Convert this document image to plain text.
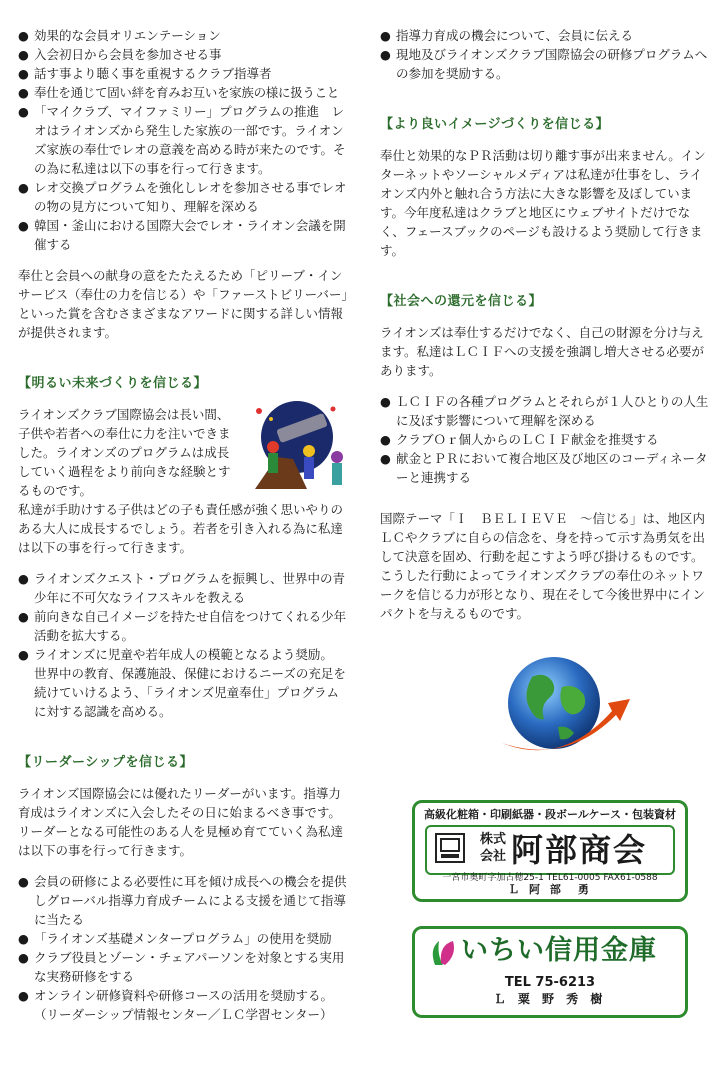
● 効果的な会員オリエンテーション
● 入会初日から会員を参加させる事
● 話す事より聴く事を重視するクラブ指導者
● 奉仕を通じて固い絆を育みお互いを家族の様に扱うこと
● 「マイクラブ、マイファミリー」プログラムの推進　レオはライオンズから発生した家族の一部です。ライオンズ家族の奉仕でレオの意義を高める時が来たのです。その為に私達は以下の事を行って行きます。
● レオ交換プログラムを強化しレオを参加させる事でレオの物の見方について知り、理解を深める
● 韓国・釜山における国際大会でレオ・ライオン会議を開催する

奉仕と会員への献身の意をたたえるため「ピリーブ・インサービス（奉仕の力を信じる）や「ファーストビリーバー」といった賞を含むさまざまなアワードに関する詳しい情報が提供されます。

【明るい未来づくりを信じる】

ライオンズクラブ国際協会は長い間、子供や若者への奉仕に力を注いできました。ライオンズのプログラムは成長していく過程をより前向きな経験とするものです。

私達が手助けする子供はどの子も責任感が強く思いやりのある大人に成長するでしょう。若者を引き入れる為に私達は以下の事を行って行きます。

● ライオンズクエスト・プログラムを振興し、世界中の青少年に不可欠なライフスキルを教える
● 前向きな自己イメージを持たせ自信をつけてくれる少年活動を拡大する。
● ライオンズに児童や若年成人の模範となるよう奨励。　世界中の教育、保護施設、保健におけるニーズの充足を続けていけるよう、「ライオンズ児童奉仕」プログラムに対する認識を高める。

【リーダーシップを信じる】

ライオンズ国際協会には優れたリーダーがいます。指導力育成はライオンズに入会したその日に始まるべき事です。リーダーとなる可能性のある人を見極め育てていく為私達は以下の事を行って行きます。

● 会員の研修による必要性に耳を傾け成長への機会を提供しグローバル指導力育成チームによる支援を通じて指導に当たる
● 「ライオンズ基礎メンタープログラム」の使用を奨励
● クラブ役員とゾーン・チェアパーソンを対象とする実用な実務研修をする
● オンライン研修資料や研修コースの活用を奨励する。（リーダーシップ情報センター／ＬＣ学習センター）
● 指導力育成の機会について、会員に伝える
● 現地及びライオンズクラブ国際協会の研修プログラムへの参加を奨励する。

【より良いイメージづくりを信じる】

奉仕と効果的なＰＲ活動は切り離す事が出来ません。インターネットやソーシャルメディアは私達が仕事をし、ライオンズ内外と触れ合う方法に大きな影響を及ぼしています。今年度私達はクラブと地区にウェブサイトだけでなく、フェースブックのページも設けるよう奨励して行きます。

【社会への還元を信じる】

ライオンズは奉仕するだけでなく、自己の財源を分け与えます。私達はＬＣＩＦへの支援を強調し増大させる必要があります。

● ＬＣＩＦの各種プログラムとそれらが１人ひとりの人生に及ぼす影響について理解を深める
● クラブＯｒ個人からのＬＣＩＦ献金を推奨する
● 献金とＰＲにおいて複合地区及び地区のコーディネーターと連携する

国際テーマ「Ｉ　ＢＥＬＩＥＶＥ　～信じる」は、地区内ＬＣやクラブに自らの信念を、身を持って示す為勇気を出して決意を固め、行動を起こすよう呼び掛けるものです。こうした行動によってライオンズクラブの奉仕のネットワークを信じる力が形となり、現在そして今後世界中にインパクトを与えるものです。

高級化粧箱・印刷紙器・段ボールケース・包装資材
株式
会社 阿部商会
一宮市奥町字加古穂25-1 TEL61-0005 FAX61-0588
Ｌ 阿 部　勇
いちい信用金庫
TEL 75-6213
Ｌ 粟 野 秀 樹
